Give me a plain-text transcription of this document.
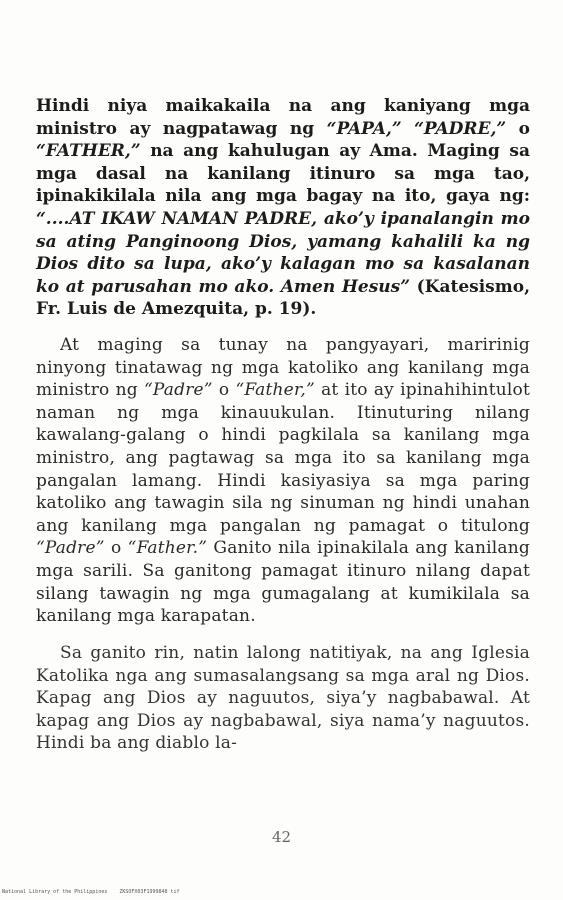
Hindi niya maikakaila na ang kaniyang mga ministro ay nagpatawag ng “PAPA,” “PADRE,” o “FATHER,” na ang kahulugan ay Ama. Maging sa mga dasal na kanilang itinuro sa mga tao, ipinakikilala nila ang mga bagay na ito, gaya ng: “....AT IKAW NAMAN PADRE, ako’y ipanalangin mo sa ating Panginoong Dios, yamang kahalili ka ng Dios dito sa lupa, ako’y kalagan mo sa kasalanan ko at parusahan mo ako. Amen Hesus” (Katesismo, Fr. Luis de Amezquita, p. 19).

At maging sa tunay na pangyayari, maririnig ninyong tinatawag ng mga katoliko ang kanilang mga ministro ng “Padre” o “Father,” at ito ay ipinahihintulot naman ng mga kinauukulan. Itinuturing nilang kawalang-galang o hindi pagkilala sa kanilang mga ministro, ang pagtawag sa mga ito sa kanilang mga pangalan lamang. Hindi kasiyasiya sa mga paring katoliko ang tawagin sila ng sinuman ng hindi unahan ang kanilang mga pangalan ng pamagat o titulong “Padre” o “Father.” Ganito nila ipinakilala ang kanilang mga sarili. Sa ganitong pamagat itinuro nilang dapat silang tawagin ng mga gumagalang at kumikilala sa kanilang mga karapatan.

Sa ganito rin, natin lalong natitiyak, na ang Iglesia Katolika nga ang sumasalangsang sa mga aral ng Dios. Kapag ang Dios ay naguutos, siya’y nagbabawal. At kapag ang Dios ay nagbabawal, siya nama’y naguutos. Hindi ba ang diablo la-

42
National Library of the Philippines ZKSOFX03F1999848 tif
